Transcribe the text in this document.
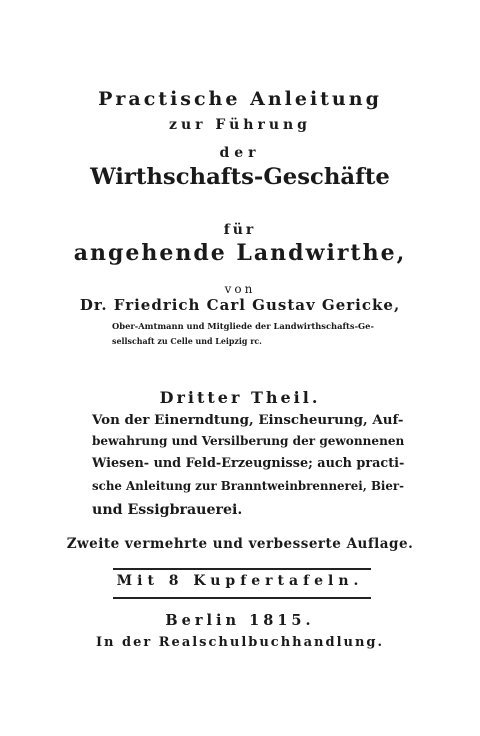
Practische Anleitung
zur Führung
der
Wirthschafts-Geschäfte
für
angehende Landwirthe,
von
Dr. Friedrich Carl Gustav Gericke,
Ober-Amtmann und Mitgliede der Landwirthschafts-Ge-
sellschaft zu Celle und Leipzig rc.
Dritter Theil.
Von der Einerndtung, Einscheurung, Auf-
bewahrung und Versilberung der gewonnenen
Wiesen- und Feld-Erzeugnisse; auch practi-
sche Anleitung zur Branntweinbrennerei, Bier-
und Essigbrauerei.
Zweite vermehrte und verbesserte Auflage.
Mit 8 Kupfertafeln.
Berlin 1815.
In der Realschulbuchhandlung.
